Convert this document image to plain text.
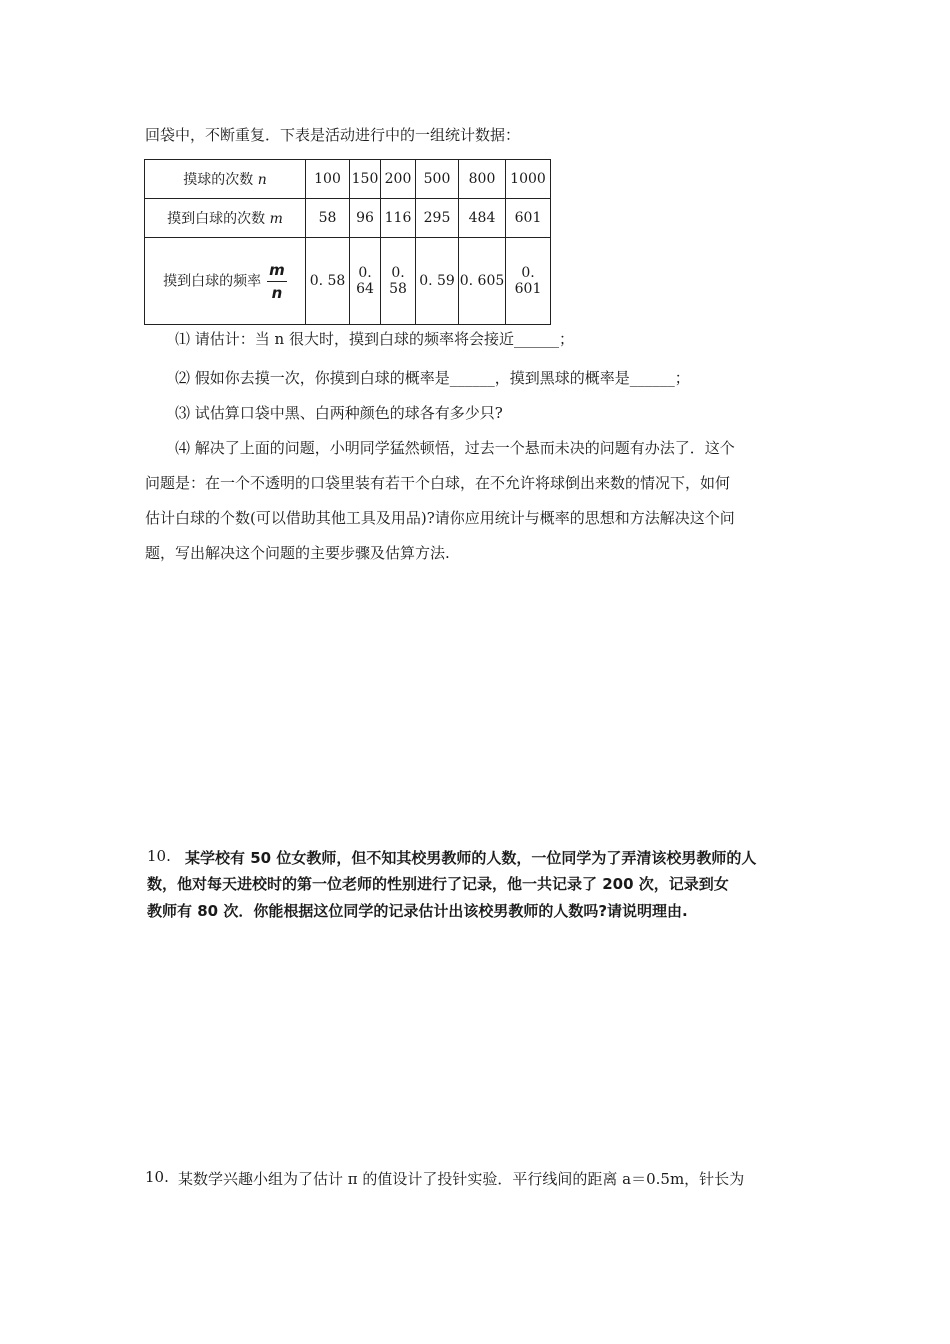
回袋中，不断重复．下表是活动进行中的一组统计数据：
摸球的次数 n	100	150	200	500	800	1000
摸到白球的次数 m	58	96	116	295	484	601
摸到白球的频率 $\frac{m}{n}$	0. 58	0. 64	0. 58	0. 59	0. 605	0. 601
⑴ 请估计：当 n 很大时，摸到白球的频率将会接近______；
⑵ 假如你去摸一次，你摸到白球的概率是______，摸到黑球的概率是______；
⑶ 试估算口袋中黑、白两种颜色的球各有多少只?
⑷ 解决了上面的问题，小明同学猛然顿悟，过去一个悬而未决的问题有办法了．这个
问题是：在一个不透明的口袋里装有若干个白球，在不允许将球倒出来数的情况下，如何
估计白球的个数(可以借助其他工具及用品)?请你应用统计与概率的思想和方法解决这个问
题，写出解决这个问题的主要步骤及估算方法.
10. 某学校有 50 位女教师，但不知其校男教师的人数，一位同学为了弄清该校男教师的人
数，他对每天进校时的第一位老师的性别进行了记录，他一共记录了 200 次，记录到女
教师有 80 次．你能根据这位同学的记录估计出该校男教师的人数吗?请说明理由.
10. 某数学兴趣小组为了估计 π 的值设计了投针实验．平行线间的距离 a＝0.5m，针长为
